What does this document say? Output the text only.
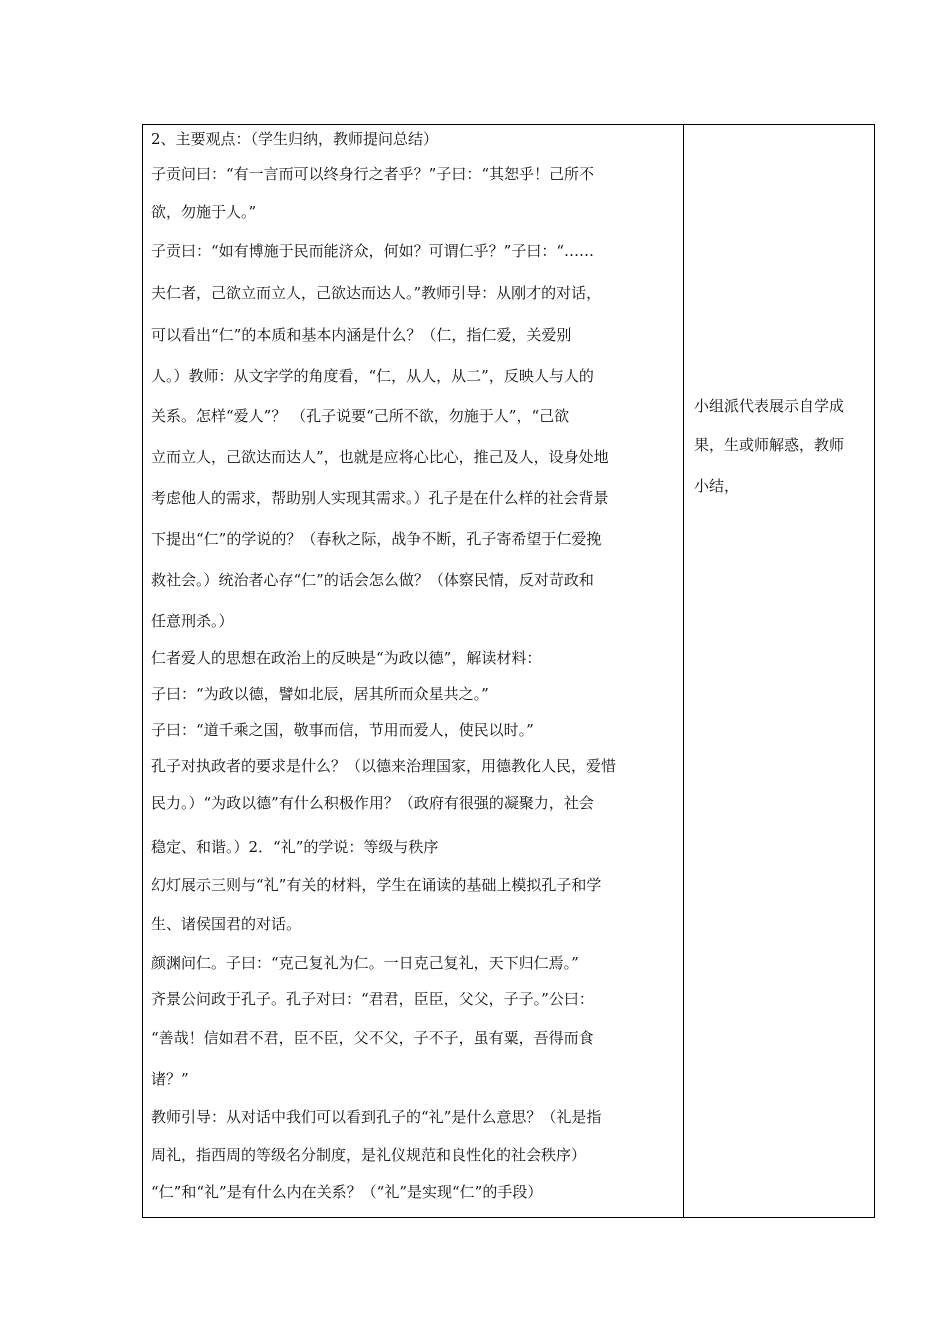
2、主要观点：（学生归纳，教师提问总结）
子贡问曰：“有一言而可以终身行之者乎？”子曰：“其恕乎！己所不
欲，勿施于人。”
子贡曰：“如有博施于民而能济众，何如？可谓仁乎？”子曰：“……
夫仁者，己欲立而立人，己欲达而达人。”教师引导：从刚才的对话，
可以看出“仁”的本质和基本内涵是什么？（仁，指仁爱，关爱别
人。）教师：从文字学的角度看，“仁，从人，从二”，反映人与人的
关系。怎样“爱人”？ （孔子说要“己所不欲，勿施于人”，“己欲
立而立人，己欲达而达人”，也就是应将心比心，推己及人，设身处地
考虑他人的需求，帮助别人实现其需求。）孔子是在什么样的社会背景
下提出“仁”的学说的？（春秋之际，战争不断，孔子寄希望于仁爱挽
救社会。）统治者心存“仁”的话会怎么做？（体察民情，反对苛政和
任意刑杀。）
仁者爱人的思想在政治上的反映是“为政以德”，解读材料：
子曰：“为政以德，譬如北辰，居其所而众星共之。”
子曰：“道千乘之国，敬事而信，节用而爱人，使民以时。”
孔子对执政者的要求是什么？（以德来治理国家，用德教化人民，爱惜
民力。）“为政以德”有什么积极作用？（政府有很强的凝聚力，社会
稳定、和谐。）2．“礼”的学说：等级与秩序
幻灯展示三则与“礼”有关的材料，学生在诵读的基础上模拟孔子和学
生、诸侯国君的对话。
颜渊问仁。子曰：“克己复礼为仁。一日克己复礼，天下归仁焉。”
齐景公问政于孔子。孔子对曰：“君君，臣臣，父父，子子。”公曰：
“善哉！信如君不君，臣不臣，父不父，子不子，虽有粟，吾得而食
诸？”
教师引导：从对话中我们可以看到孔子的“礼”是什么意思？（礼是指
周礼，指西周的等级名分制度，是礼仪规范和良性化的社会秩序）
“仁”和“礼”是有什么内在关系？（“礼”是实现“仁”的手段）
小组派代表展示自学成
果，生或师解惑，教师
小结，
